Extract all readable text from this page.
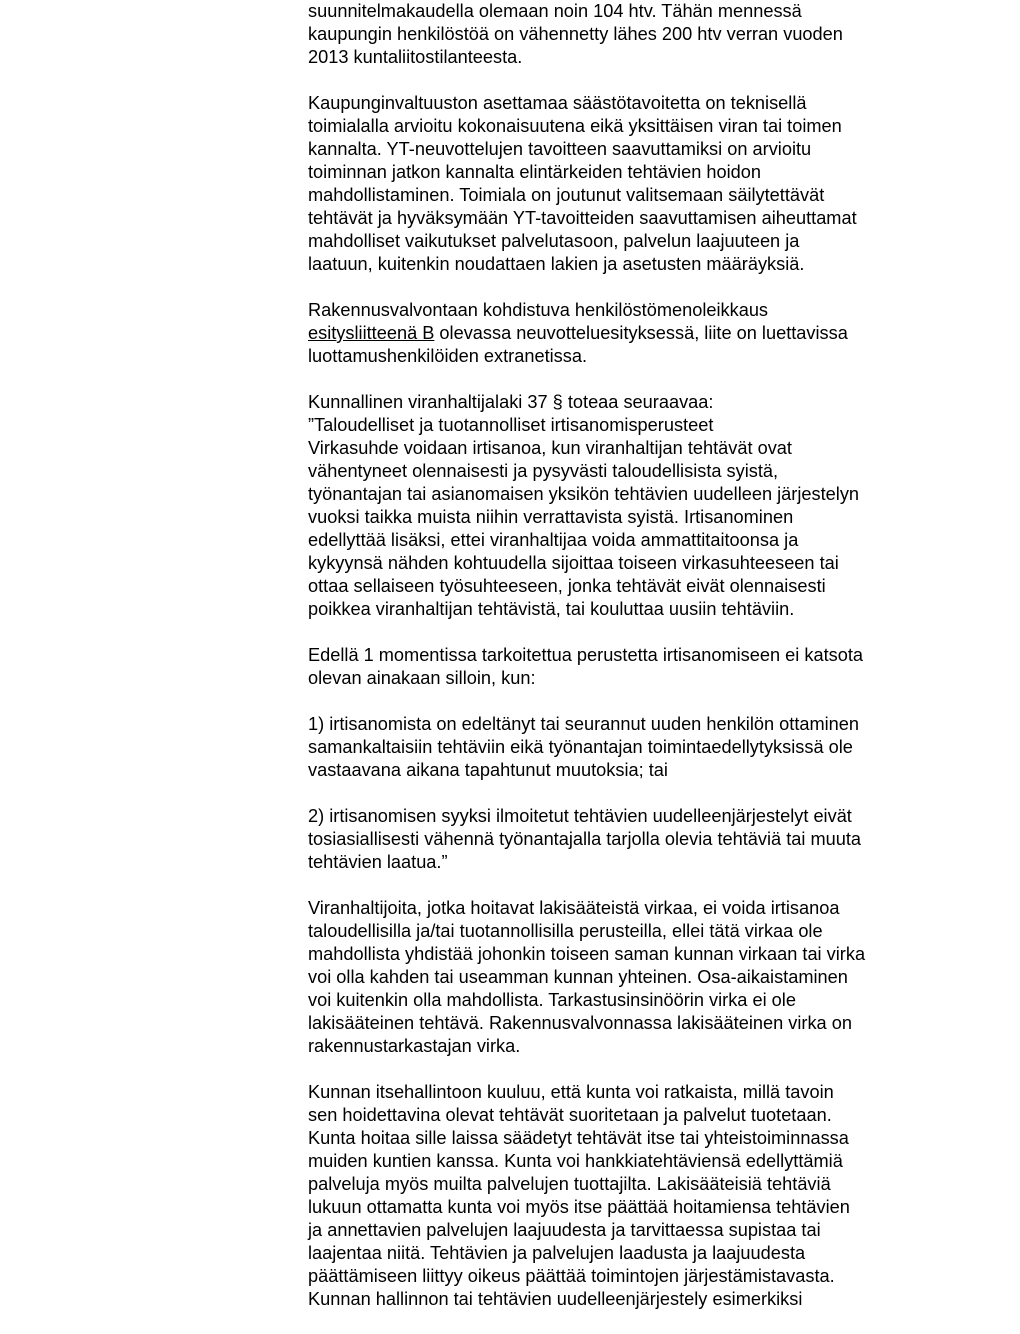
suunnitelmakaudella olemaan noin 104 htv. Tähän mennessä
kaupungin henkilöstöä on vähennetty lähes 200 htv verran vuoden
2013 kuntaliitostilanteesta.

Kaupunginvaltuuston asettamaa säästötavoitetta on teknisellä
toimialalla arvioitu kokonaisuutena eikä yksittäisen viran tai toimen
kannalta. YT-neuvottelujen tavoitteen saavuttamiksi on arvioitu
toiminnan jatkon kannalta elintärkeiden tehtävien hoidon
mahdollistaminen. Toimiala on joutunut valitsemaan säilytettävät
tehtävät ja hyväksymään YT-tavoitteiden saavuttamisen aiheuttamat
mahdolliset vaikutukset palvelutasoon, palvelun laajuuteen ja
laatuun, kuitenkin noudattaen lakien ja asetusten määräyksiä.

Rakennusvalvontaan kohdistuva henkilöstömenoleikkaus
esitysliitteenä B olevassa neuvotteluesityksessä, liite on luettavissa
luottamushenkilöiden extranetissa.

Kunnallinen viranhaltijalaki 37 § toteaa seuraavaa:
”Taloudelliset ja tuotannolliset irtisanomisperusteet
Virkasuhde voidaan irtisanoa, kun viranhaltijan tehtävät ovat
vähentyneet olennaisesti ja pysyvästi taloudellisista syistä,
työnantajan tai asianomaisen yksikön tehtävien uudelleen järjestelyn
vuoksi taikka muista niihin verrattavista syistä. Irtisanominen
edellyttää lisäksi, ettei viranhaltijaa voida ammattitaitoonsa ja
kykyynsä nähden kohtuudella sijoittaa toiseen virkasuhteeseen tai
ottaa sellaiseen työsuhteeseen, jonka tehtävät eivät olennaisesti
poikkea viranhaltijan tehtävistä, tai kouluttaa uusiin tehtäviin.

Edellä 1 momentissa tarkoitettua perustetta irtisanomiseen ei katsota
olevan ainakaan silloin, kun:

1) irtisanomista on edeltänyt tai seurannut uuden henkilön ottaminen
samankaltaisiin tehtäviin eikä työnantajan toimintaedellytyksissä ole
vastaavana aikana tapahtunut muutoksia; tai

2) irtisanomisen syyksi ilmoitetut tehtävien uudelleenjärjestelyt eivät
tosiasiallisesti vähennä työnantajalla tarjolla olevia tehtäviä tai muuta
tehtävien laatua.”

Viranhaltijoita, jotka hoitavat lakisääteistä virkaa, ei voida irtisanoa
taloudellisilla ja/tai tuotannollisilla perusteilla, ellei tätä virkaa ole
mahdollista yhdistää johonkin toiseen saman kunnan virkaan tai virka
voi olla kahden tai useamman kunnan yhteinen. Osa-aikaistaminen
voi kuitenkin olla mahdollista. Tarkastusinsinöörin virka ei ole
lakisääteinen tehtävä. Rakennusvalvonnassa lakisääteinen virka on
rakennustarkastajan virka.

Kunnan itsehallintoon kuuluu, että kunta voi ratkaista, millä tavoin
sen hoidettavina olevat tehtävät suoritetaan ja palvelut tuotetaan.
Kunta hoitaa sille laissa säädetyt tehtävät itse tai yhteistoiminnassa
muiden kuntien kanssa. Kunta voi hankkiatehtäviensä edellyttämiä
palveluja myös muilta palvelujen tuottajilta. Lakisääteisiä tehtäviä
lukuun ottamatta kunta voi myös itse päättää hoitamiensa tehtävien
ja annettavien palvelujen laajuudesta ja tarvittaessa supistaa tai
laajentaa niitä. Tehtävien ja palvelujen laadusta ja laajuudesta
päättämiseen liittyy oikeus päättää toimintojen järjestämistavasta.
Kunnan hallinnon tai tehtävien uudelleenjärjestely esimerkiksi
